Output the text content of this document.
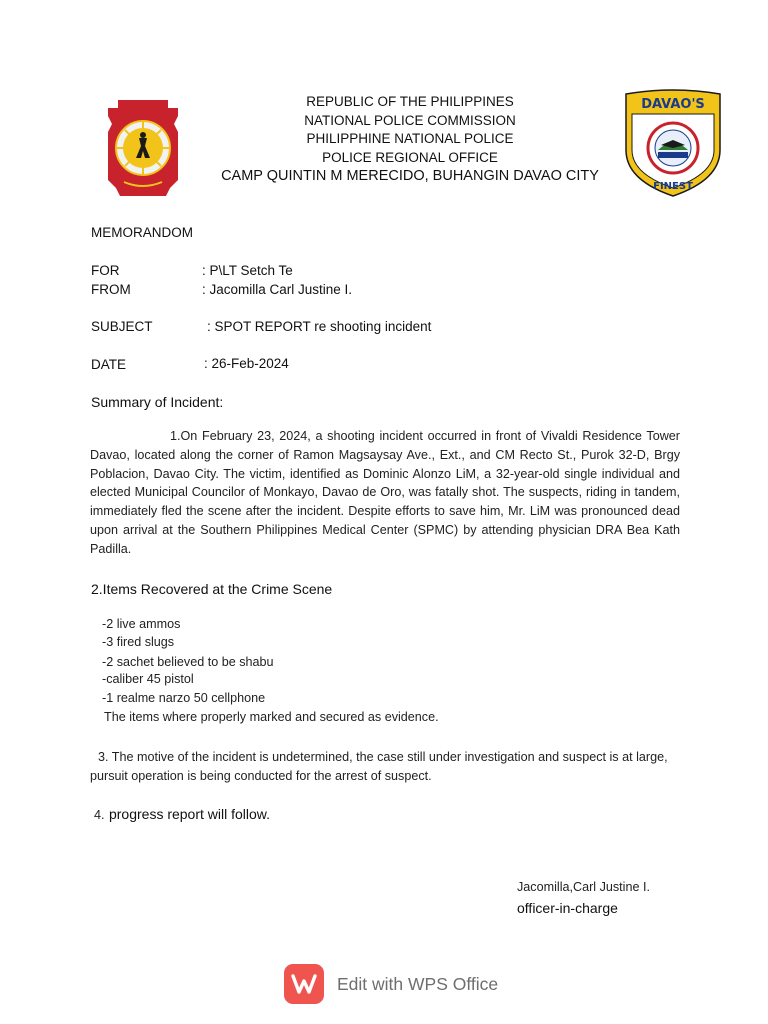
DAVAO'S
FINEST
REPUBLIC OF THE PHILIPPINES
NATIONAL POLICE COMMISSION
PHILIPPHINE NATIONAL POLICE
POLICE REGIONAL OFFICE
CAMP QUINTIN M MERECIDO, BUHANGIN DAVAO CITY
MEMORANDOM
FOR	: P\LT Setch Te
FROM	: Jacomilla Carl Justine I.
SUBJECT	: SPOT REPORT re shooting incident
DATE	: 26-Feb-2024
Summary of Incident:
1.On February 23, 2024, a shooting incident occurred in front of Vivaldi Residence Tower Davao, located along the corner of Ramon Magsaysay Ave., Ext., and CM Recto St., Purok 32-D, Brgy Poblacion, Davao City. The victim, identified as Dominic Alonzo LiM, a 32-year-old single individual and elected Municipal Councilor of Monkayo, Davao de Oro, was fatally shot. The suspects, riding in tandem, immediately fled the scene after the incident. Despite efforts to save him, Mr. LiM was pronounced dead upon arrival at the Southern Philippines Medical Center (SPMC) by attending physician DRA Bea Kath Padilla.
2.Items Recovered at the Crime Scene
-2 live ammos
-3 fired slugs
-2 sachet believed to be shabu
-caliber 45 pistol
-1 realme narzo 50 cellphone
The items where properly marked and secured as evidence.
3. The motive of the incident is undetermined, the case still under investigation and suspect is at large, pursuit operation is being conducted for the arrest of suspect.
4. progress report will follow.
Jacomilla,Carl Justine I.
officer-in-charge
Edit with WPS Office
